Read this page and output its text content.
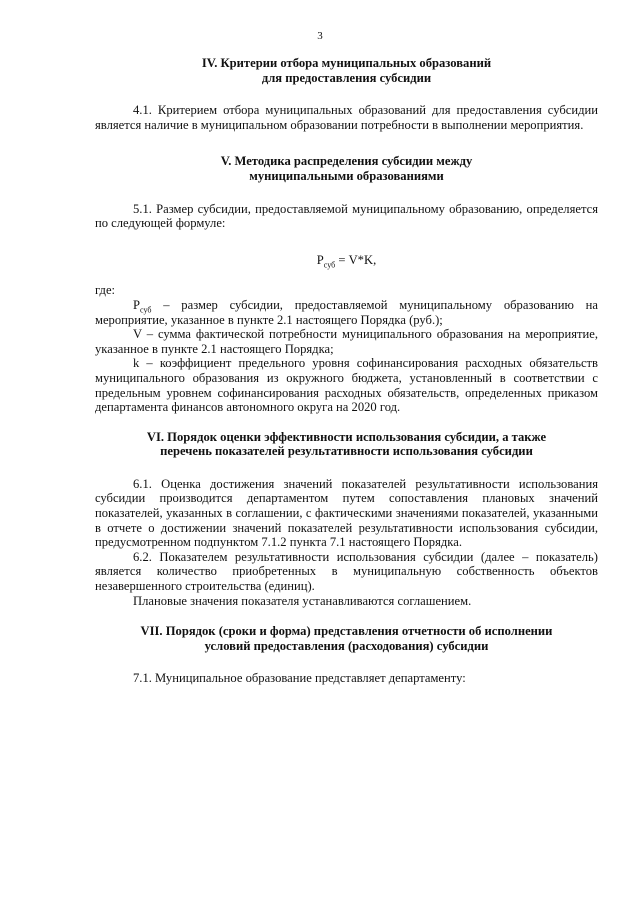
3
IV. Критерии отбора муниципальных образований
для предоставления субсидии

4.1. Критерием отбора муниципальных образований для предоставления субсидии является наличие в муниципальном образовании потребности в выполнении мероприятия.

V. Методика распределения субсидии между
муниципальными образованиями

5.1. Размер субсидии, предоставляемой муниципальному образованию, определяется по следующей формуле:

$P_{суб} = V*K$,

где:

$P_{суб}$ – размер субсидии, предоставляемой муниципальному образованию на мероприятие, указанное в пункте 2.1 настоящего Порядка (руб.);

V – сумма фактической потребности муниципального образования на мероприятие, указанное в пункте 2.1 настоящего Порядка;

k – коэффициент предельного уровня софинансирования расходных обязательств муниципального образования из окружного бюджета, установленный в соответствии с предельным уровнем софинансирования расходных обязательств, определенных приказом департамента финансов автономного округа на 2020 год.

VI. Порядок оценки эффективности использования субсидии, а также
перечень показателей результативности использования субсидии

6.1. Оценка достижения значений показателей результативности использования субсидии производится департаментом путем сопоставления плановых значений показателей, указанных в соглашении, с фактическими значениями показателей, указанными в отчете о достижении значений показателей результативности использования субсидии, предусмотренном подпунктом 7.1.2 пункта 7.1 настоящего Порядка.

6.2. Показателем результативности использования субсидии (далее – показатель) является количество приобретенных в муниципальную собственность объектов незавершенного строительства (единиц).

Плановые значения показателя устанавливаются соглашением.

VII. Порядок (сроки и форма) представления отчетности об исполнении
условий предоставления (расходования) субсидии

7.1. Муниципальное образование представляет департаменту:
